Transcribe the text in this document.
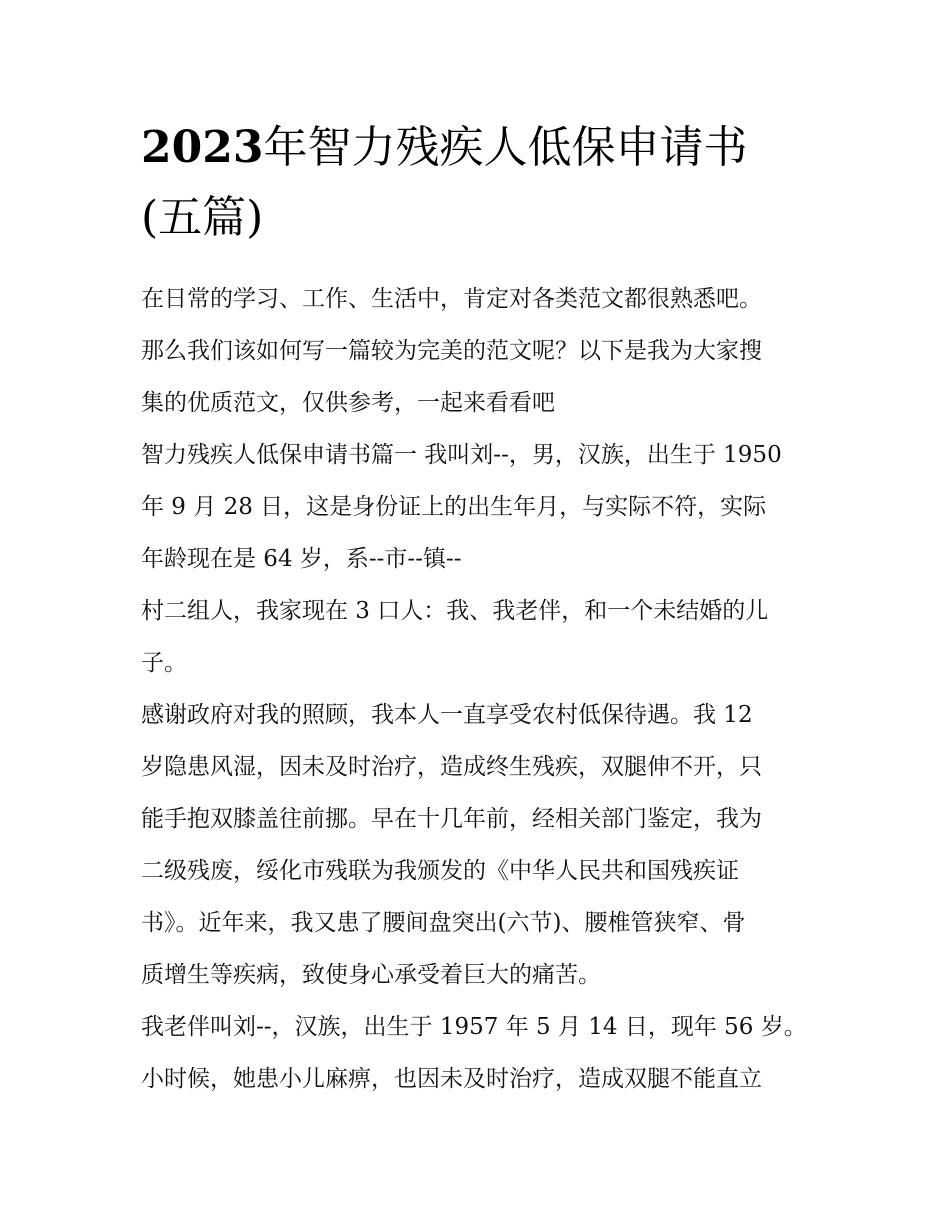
2023年智力残疾人低保申请书
(五篇)
在日常的学习、工作、生活中，肯定对各类范文都很熟悉吧。
那么我们该如何写一篇较为完美的范文呢？以下是我为大家搜
集的优质范文，仅供参考，一起来看看吧
智力残疾人低保申请书篇一 我叫刘--，男，汉族，出生于 1950
年 9 月 28 日，这是身份证上的出生年月，与实际不符，实际
年龄现在是 64 岁，系--市--镇--
村二组人，我家现在 3 口人：我、我老伴，和一个未结婚的儿
子。
感谢政府对我的照顾，我本人一直享受农村低保待遇。我 12
岁隐患风湿，因未及时治疗，造成终生残疾，双腿伸不开，只
能手抱双膝盖往前挪。早在十几年前，经相关部门鉴定，我为
二级残废，绥化市残联为我颁发的《中华人民共和国残疾证
书》。近年来，我又患了腰间盘突出(六节)、腰椎管狭窄、骨
质增生等疾病，致使身心承受着巨大的痛苦。
我老伴叫刘--，汉族，出生于 1957 年 5 月 14 日，现年 56 岁。
小时候，她患小儿麻痹，也因未及时治疗，造成双腿不能直立
